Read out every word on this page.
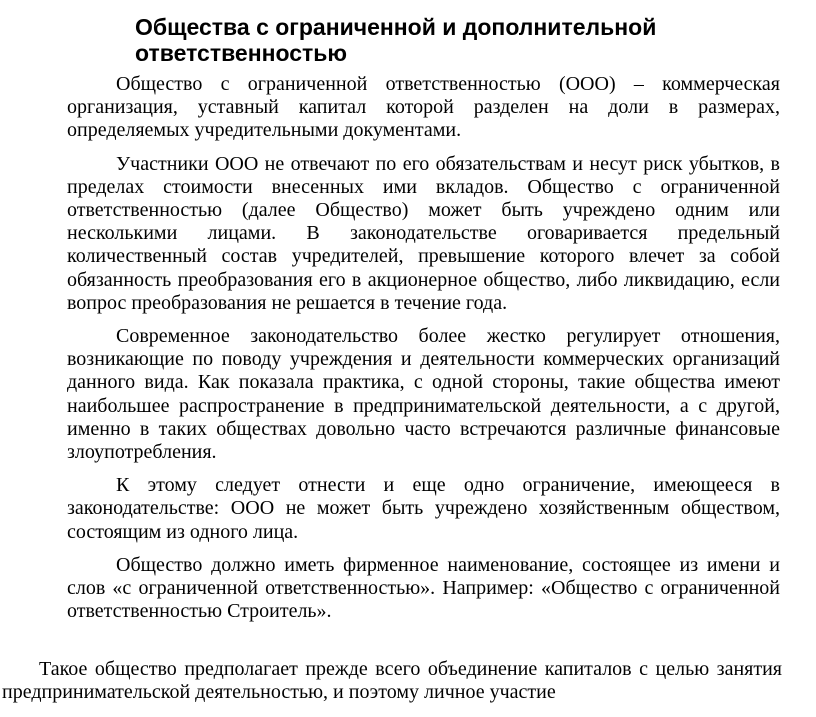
Общества с ограниченной и дополнительной ответственностью

Общество с ограниченной ответственностью (ООО) – коммерческая организация, уставный капитал которой разделен на доли в размерах, определяемых учредительными документами.

Участники ООО не отвечают по его обязательствам и несут риск убытков, в пределах стоимости внесенных ими вкладов. Общество с ограниченной ответственностью (далее Общество) может быть учреждено одним или несколькими лицами. В законодательстве оговаривается предельный количественный состав учредителей, превышение которого влечет за собой обязанность преобразования его в акционерное общество, либо ликвидацию, если вопрос преобразования не решается в течение года.

Современное законодательство более жестко регулирует отношения, возникающие по поводу учреждения и деятельности коммерческих организаций данного вида. Как показала практика, с одной стороны, такие общества имеют наибольшее распространение в предпринимательской деятельности, а с другой, именно в таких обществах довольно часто встречаются различные финансовые злоупотребления.

К этому следует отнести и еще одно ограничение, имеющееся в законодательстве: ООО не может быть учреждено хозяйственным обществом, состоящим из одного лица.

Общество должно иметь фирменное наименование, состоящее из имени и слов «с ограниченной ответственностью». Например: «Общество с ограниченной ответственностью Строитель».

Такое общество предполагает прежде всего объединение капиталов с целью занятия предпринимательской деятельностью, и поэтому личное участие
